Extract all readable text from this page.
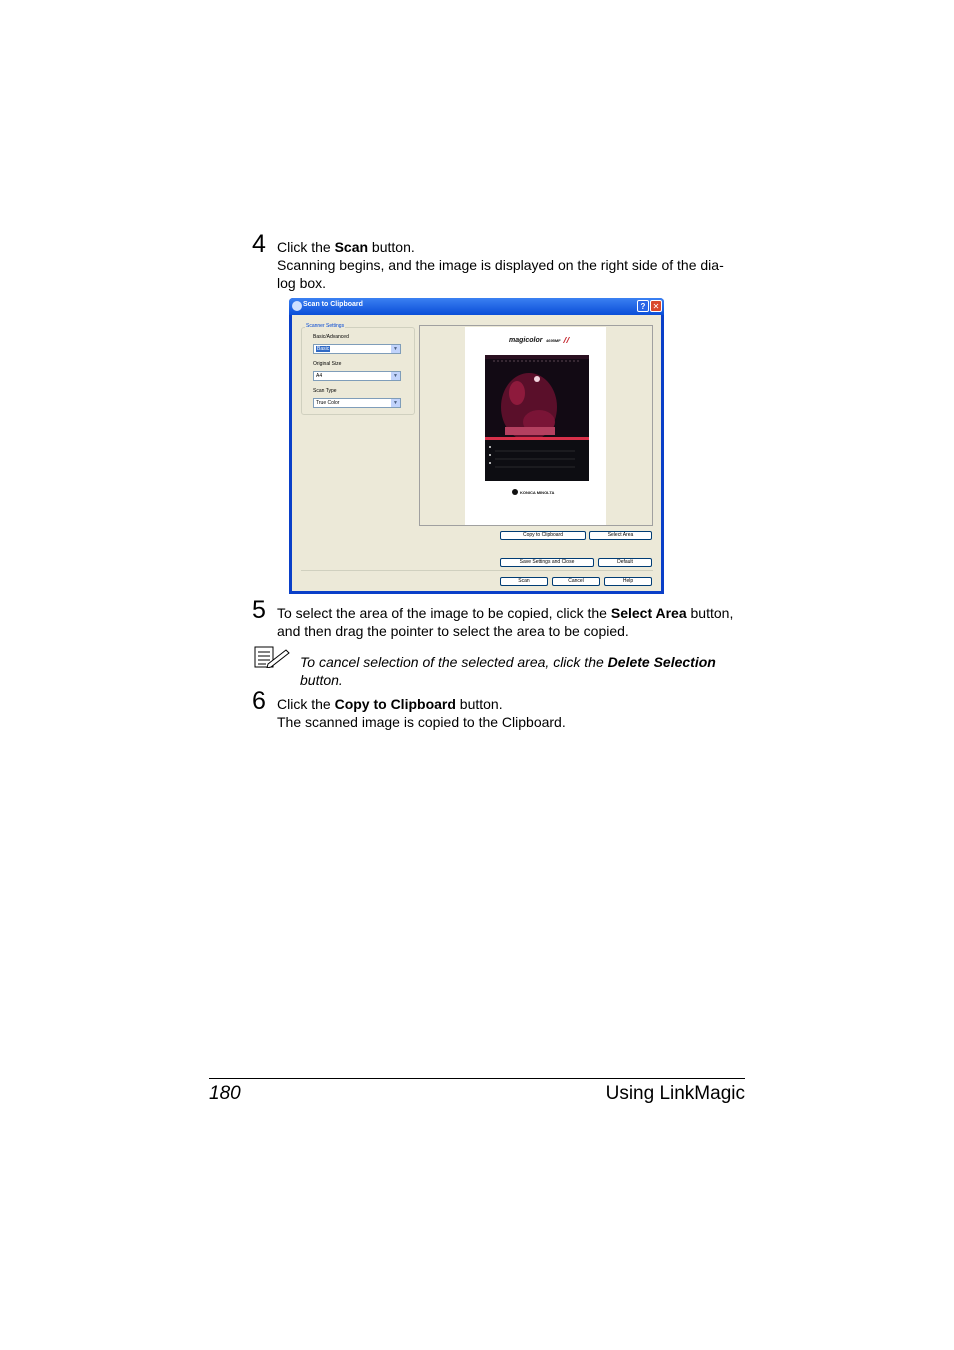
4 Click the Scan button.

Scanning begins, and the image is displayed on the right side of the dia-

log box.

Scan to Clipboard	? ✕
Scanner Settings
Basic/Advanced
Basic	▼
Original Size
A4	▼
Scan Type
True Color	▼
magicolor 4695MF
KONICA MINOLTA
Copy to Clipboard	Select Area
Save Settings and Close	Default
Scan	Cancel	Help
5 To select the area of the image to be copied, click the Select Area button,

and then drag the pointer to select the area to be copied.

To cancel selection of the selected area, click the Delete Selection
button.
6 Click the Copy to Clipboard button.

The scanned image is copied to the Clipboard.

180	Using LinkMagic
